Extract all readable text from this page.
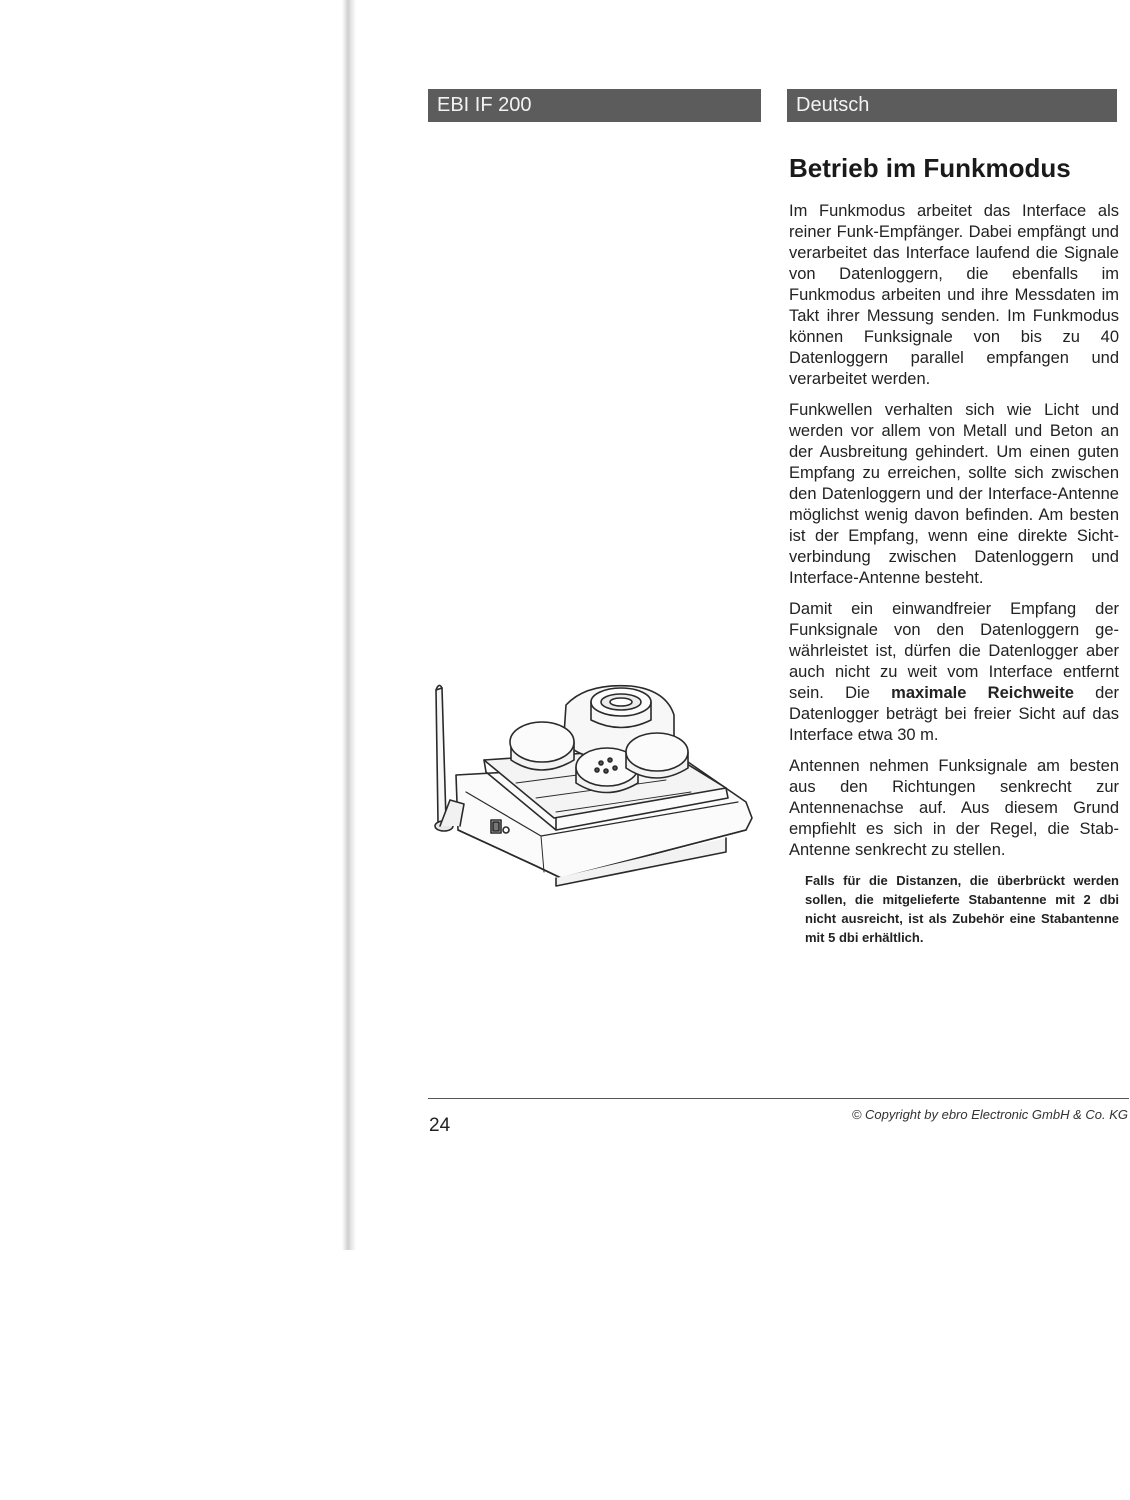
EBI IF 200	Deutsch
Betrieb im Funkmodus

Im Funkmodus arbeitet das Interface als reiner Funk-Empfänger. Dabei empfängt und verarbeitet das Interface laufend die Signale von Datenloggern, die ebenfalls im Funkmodus arbeiten und ihre Messdaten im Takt ihrer Messung senden. Im Funkmodus können Funksignale von bis zu 40 Datenloggern parallel empfangen und verarbeitet werden.

Funkwellen verhalten sich wie Licht und werden vor allem von Metall und Beton an der Ausbreitung gehindert. Um einen guten Empfang zu erreichen, sollte sich zwischen den Datenloggern und der Interface-Antenne möglichst wenig davon befinden. Am besten ist der Empfang, wenn eine direkte Sichtverbindung zwischen Datenloggern und Interface-Antenne besteht.

Damit ein einwandfreier Empfang der Funksignale von den Datenloggern gewährleistet ist, dürfen die Datenlogger aber auch nicht zu weit vom Interface entfernt sein. Die maximale Reichweite der Datenlogger beträgt bei freier Sicht auf das Interface etwa 30 m.

Antennen nehmen Funksignale am besten aus den Richtungen senkrecht zur Antennenachse auf. Aus diesem Grund empfiehlt es sich in der Regel, die Stab-Antenne senkrecht zu stellen.

Falls für die Distanzen, die überbrückt werden sollen, die mitgelieferte Stabantenne mit 2 dbi nicht ausreicht, ist als Zubehör eine Stabantenne mit 5 dbi erhältlich.

24
© Copyright by ebro Electronic GmbH & Co. KG
